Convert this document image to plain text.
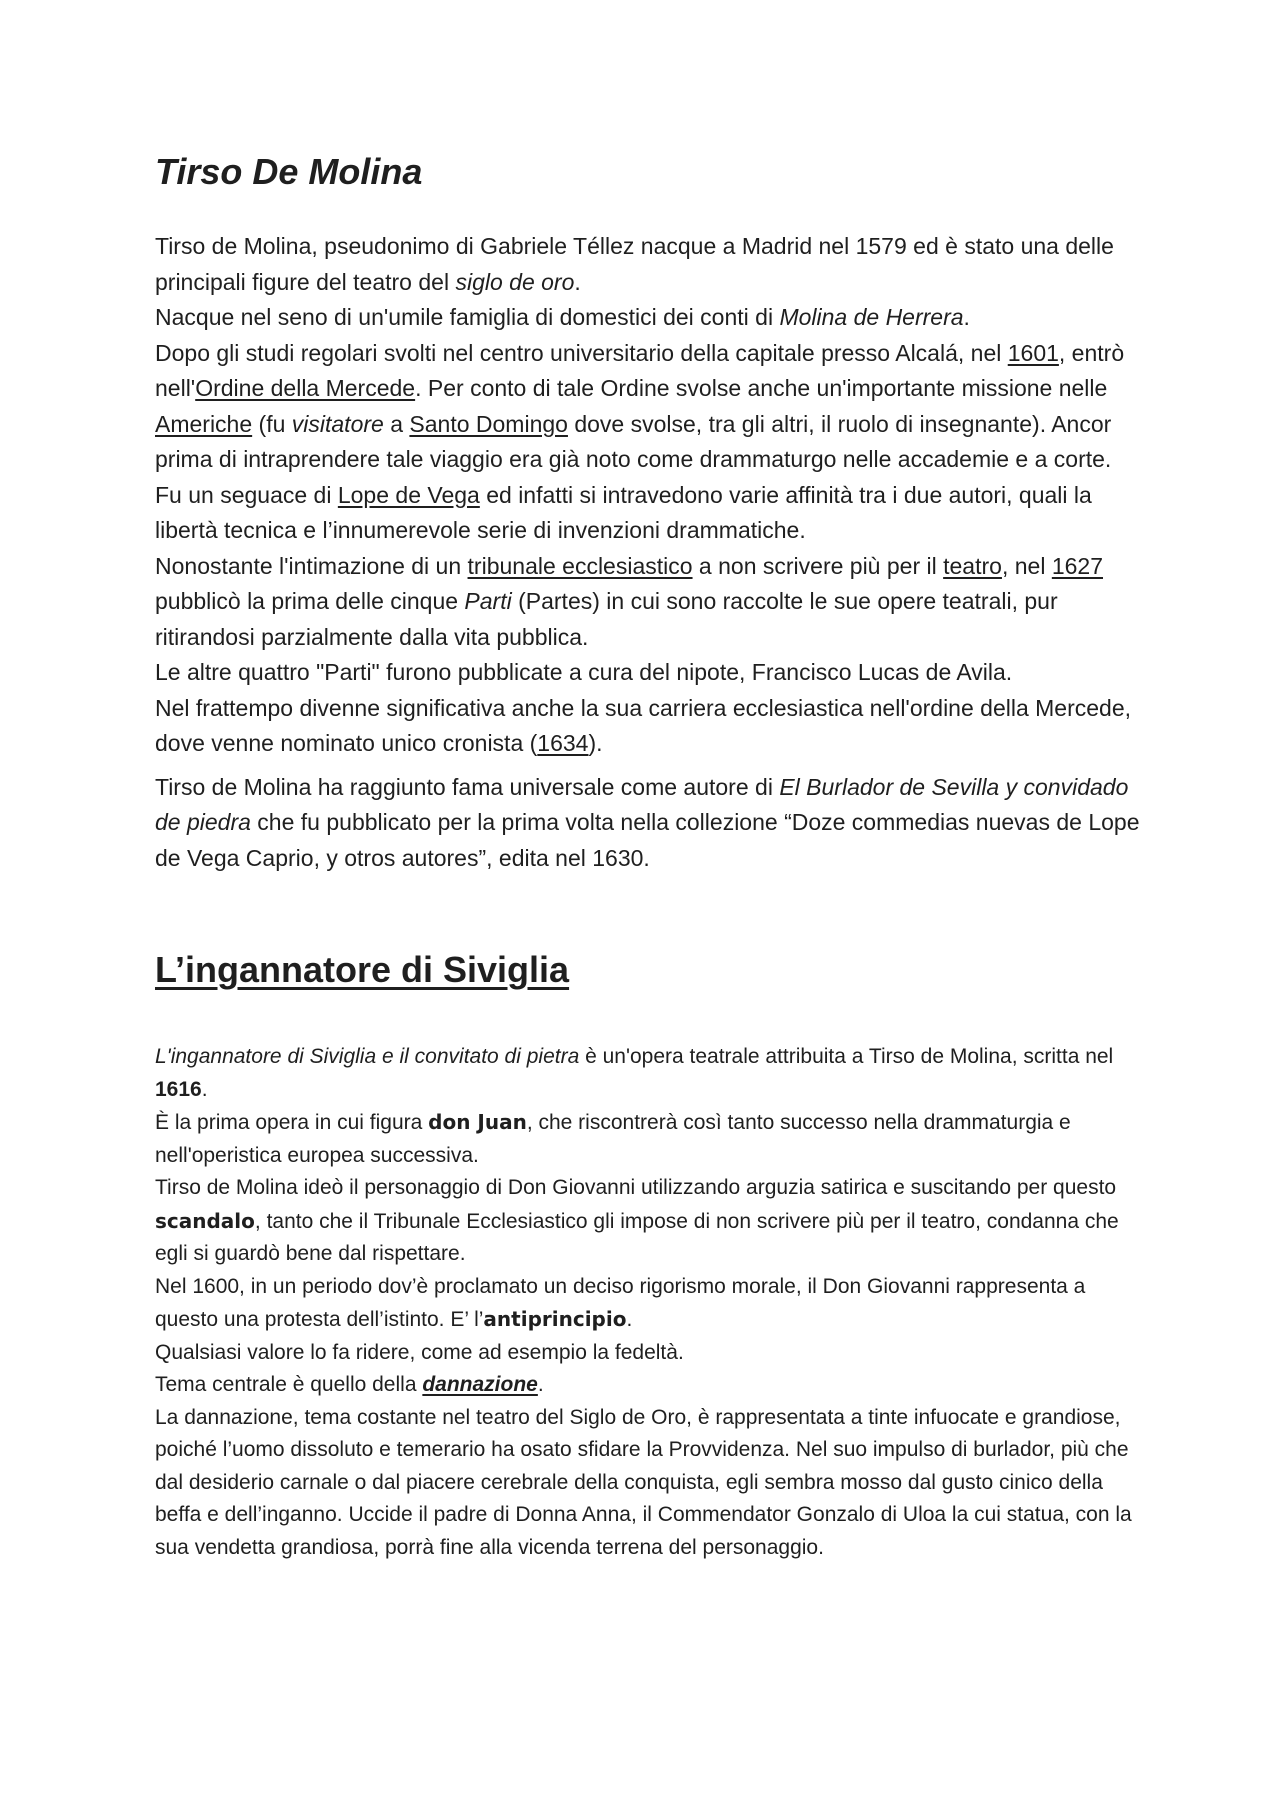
Tirso De Molina

Tirso de Molina, pseudonimo di Gabriele Téllez nacque a Madrid nel 1579 ed è stato una delle principali figure del teatro del siglo de oro.
Nacque nel seno di un'umile famiglia di domestici dei conti di Molina de Herrera.
Dopo gli studi regolari svolti nel centro universitario della capitale presso Alcalá, nel 1601, entrò nell'Ordine della Mercede. Per conto di tale Ordine svolse anche un'importante missione nelle Americhe (fu visitatore a Santo Domingo dove svolse, tra gli altri, il ruolo di insegnante). Ancor prima di intraprendere tale viaggio era già noto come drammaturgo nelle accademie e a corte.
Fu un seguace di Lope de Vega ed infatti si intravedono varie affinità tra i due autori, quali la libertà tecnica e l’innumerevole serie di invenzioni drammatiche.
Nonostante l'intimazione di un tribunale ecclesiastico a non scrivere più per il teatro, nel 1627 pubblicò la prima delle cinque Parti (Partes) in cui sono raccolte le sue opere teatrali, pur ritirandosi parzialmente dalla vita pubblica.
Le altre quattro "Parti" furono pubblicate a cura del nipote, Francisco Lucas de Avila.
Nel frattempo divenne significativa anche la sua carriera ecclesiastica nell'ordine della Mercede, dove venne nominato unico cronista (1634).

Tirso de Molina ha raggiunto fama universale come autore di El Burlador de Sevilla y convidado de piedra che fu pubblicato per la prima volta nella collezione “Doze commedias nuevas de Lope de Vega Caprio, y otros autores”, edita nel 1630.

L’ingannatore di Siviglia

L'ingannatore di Siviglia e il convitato di pietra è un'opera teatrale attribuita a Tirso de Molina, scritta nel 1616.
È la prima opera in cui figura don Juan, che riscontrerà così tanto successo nella drammaturgia e nell'operistica europea successiva.
Tirso de Molina ideò il personaggio di Don Giovanni utilizzando arguzia satirica e suscitando per questo scandalo, tanto che il Tribunale Ecclesiastico gli impose di non scrivere più per il teatro, condanna che egli si guardò bene dal rispettare.
Nel 1600, in un periodo dov’è proclamato un deciso rigorismo morale, il Don Giovanni rappresenta a questo una protesta dell’istinto. E’ l’antiprincipio.
Qualsiasi valore lo fa ridere, come ad esempio la fedeltà.
Tema centrale è quello della dannazione.
La dannazione, tema costante nel teatro del Siglo de Oro, è rappresentata a tinte infuocate e grandiose, poiché l’uomo dissoluto e temerario ha osato sfidare la Provvidenza. Nel suo impulso di burlador, più che dal desiderio carnale o dal piacere cerebrale della conquista, egli sembra mosso dal gusto cinico della beffa e dell’inganno. Uccide il padre di Donna Anna, il Commendator Gonzalo di Uloa la cui statua, con la sua vendetta grandiosa, porrà fine alla vicenda terrena del personaggio.
